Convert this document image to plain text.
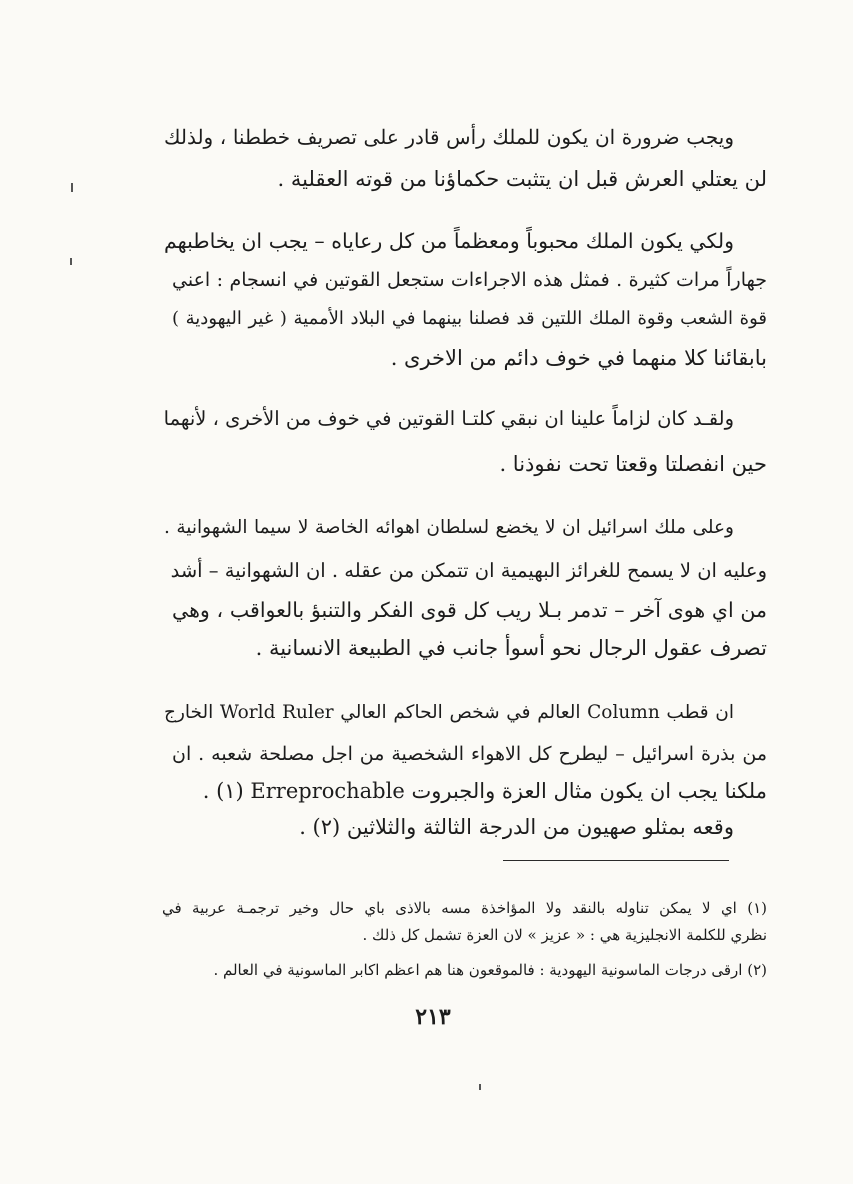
ويجب ضرورة ان يكون للملك رأس قادر على تصريف خططنا ، ولذلك
لن يعتلي العرش قبل ان يتثبت حكماؤنا من قوته العقلية .
ولكي يكون الملك محبوباً ومعظماً من كل رعاياه – يجب ان يخاطبهم
جهاراً مرات كثيرة . فمثل هذه الاجراءات ستجعل القوتين في انسجام : اعني
قوة الشعب وقوة الملك اللتين قد فصلنا بينهما في البلاد الأممية ( غير اليهودية )
بابقائنا كلا منهما في خوف دائم من الاخرى .
ولقـد كان لزاماً علينا ان نبقي كلتـا القوتين في خوف من الأخرى ، لأنهما
حين انفصلتا وقعتا تحت نفوذنا .
وعلى ملك اسرائيل ان لا يخضع لسلطان اهوائه الخاصة لا سيما الشهوانية .
وعليه ان لا يسمح للغرائز البهيمية ان تتمكن من عقله . ان الشهوانية – أشد
من اي هوى آخر – تدمر بـلا ريب كل قوى الفكر والتنبؤ بالعواقب ، وهي
تصرف عقول الرجال نحو أسوأ جانب في الطبيعة الانسانية .
ان قطب Column العالم في شخص الحاكم العالي World Ruler الخارج
من بذرة اسرائيل – ليطرح كل الاهواء الشخصية من اجل مصلحة شعبه . ان
ملكنا يجب ان يكون مثال العزة والجبروت Erreprochable (١) .
وقعه بمثلو صهيون من الدرجة الثالثة والثلاثين (٢) .
(١) اي لا يمكن تناوله بالنقد ولا المؤاخذة مسه بالاذى باي حال وخير ترجمـة عربية في
نظري للكلمة الانجليزية هي : « عزيز » لان العزة تشمل كل ذلك .
(٢) ارقى درجات الماسونية اليهودية : فالموقعون هنا هم اعظم اكابر الماسونية في العالم .
٢١٣
